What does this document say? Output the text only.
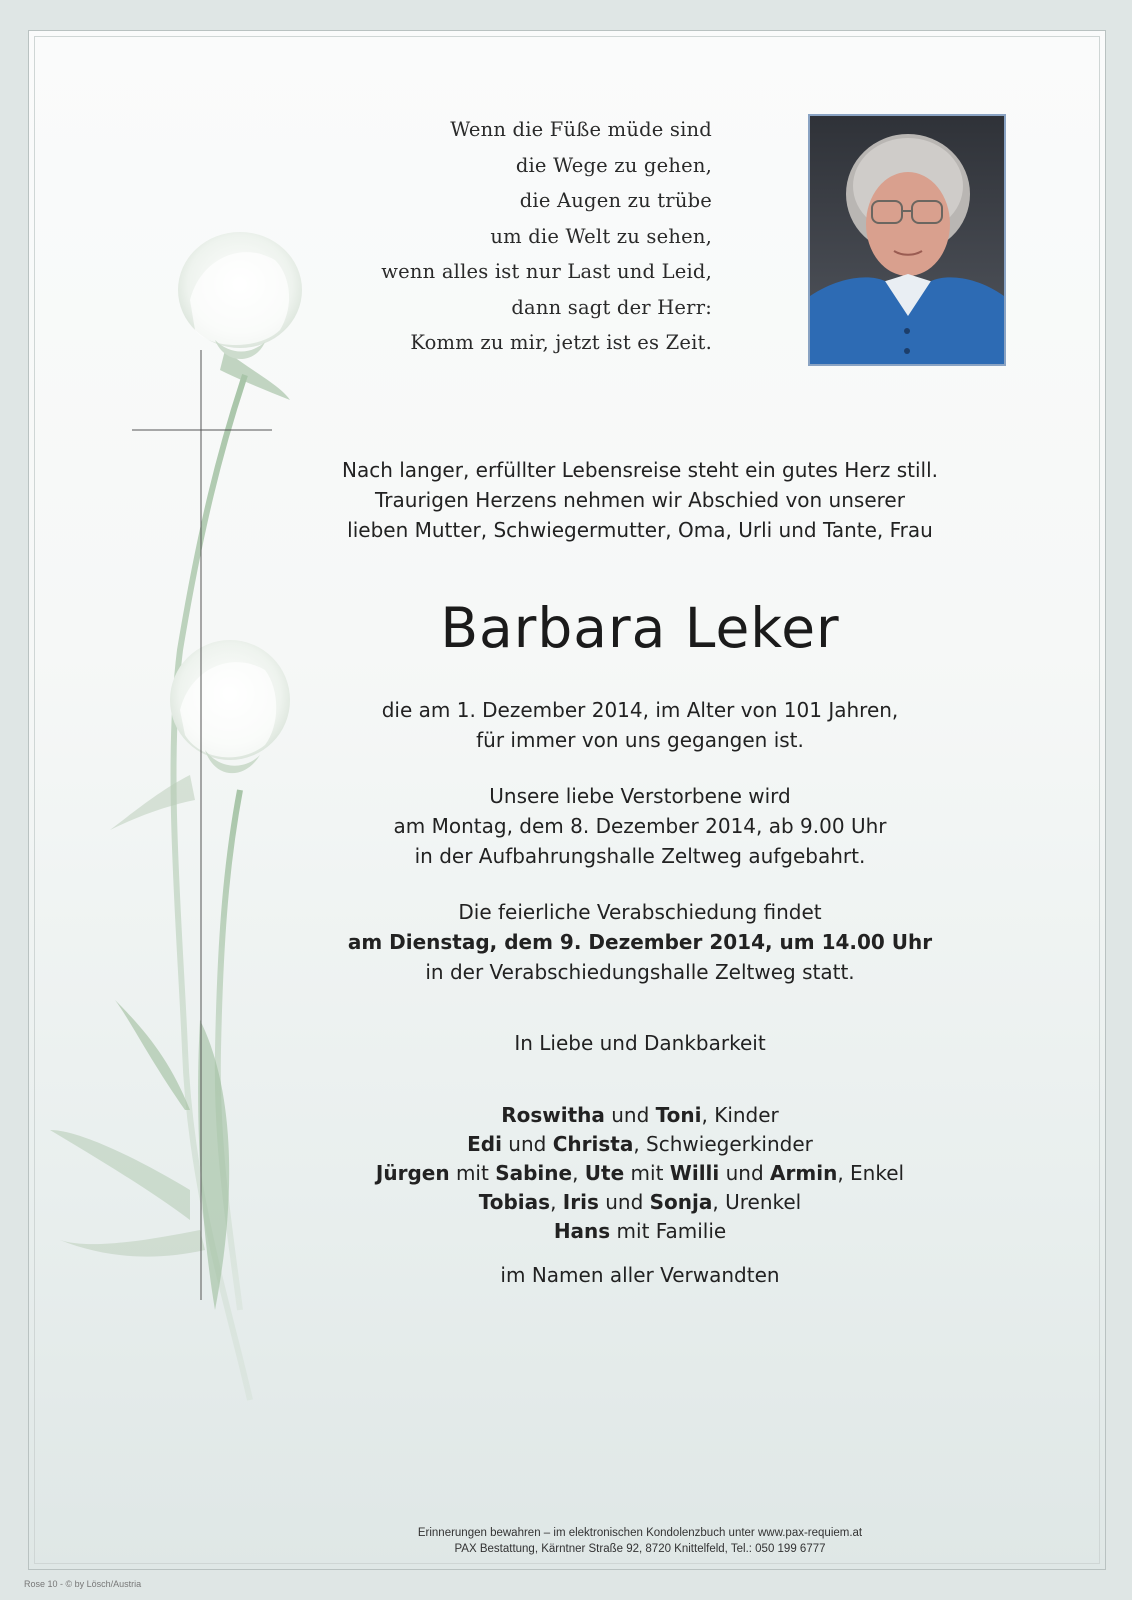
Wenn die Füße müde sind
die Wege zu gehen,
die Augen zu trübe
um die Welt zu sehen,
wenn alles ist nur Last und Leid,
dann sagt der Herr:
Komm zu mir, jetzt ist es Zeit.
Nach langer, erfüllter Lebensreise steht ein gutes Herz still.
Traurigen Herzens nehmen wir Abschied von unserer
lieben Mutter, Schwiegermutter, Oma, Urli und Tante, Frau
Barbara Leker
die am 1. Dezember 2014, im Alter von 101 Jahren,
für immer von uns gegangen ist.
Unsere liebe Verstorbene wird
am Montag, dem 8. Dezember 2014, ab 9.00 Uhr
in der Aufbahrungshalle Zeltweg aufgebahrt.
Die feierliche Verabschiedung findet
am Dienstag, dem 9. Dezember 2014, um 14.00 Uhr
in der Verabschiedungshalle Zeltweg statt.
In Liebe und Dankbarkeit
Roswitha und Toni, Kinder
Edi und Christa, Schwiegerkinder
Jürgen mit Sabine, Ute mit Willi und Armin, Enkel
Tobias, Iris und Sonja, Urenkel
Hans mit Familie
im Namen aller Verwandten
Erinnerungen bewahren – im elektronischen Kondolenzbuch unter www.pax-requiem.at
PAX Bestattung, Kärntner Straße 92, 8720 Knittelfeld, Tel.: 050 199 6777
Rose 10 - © by Lösch/Austria
